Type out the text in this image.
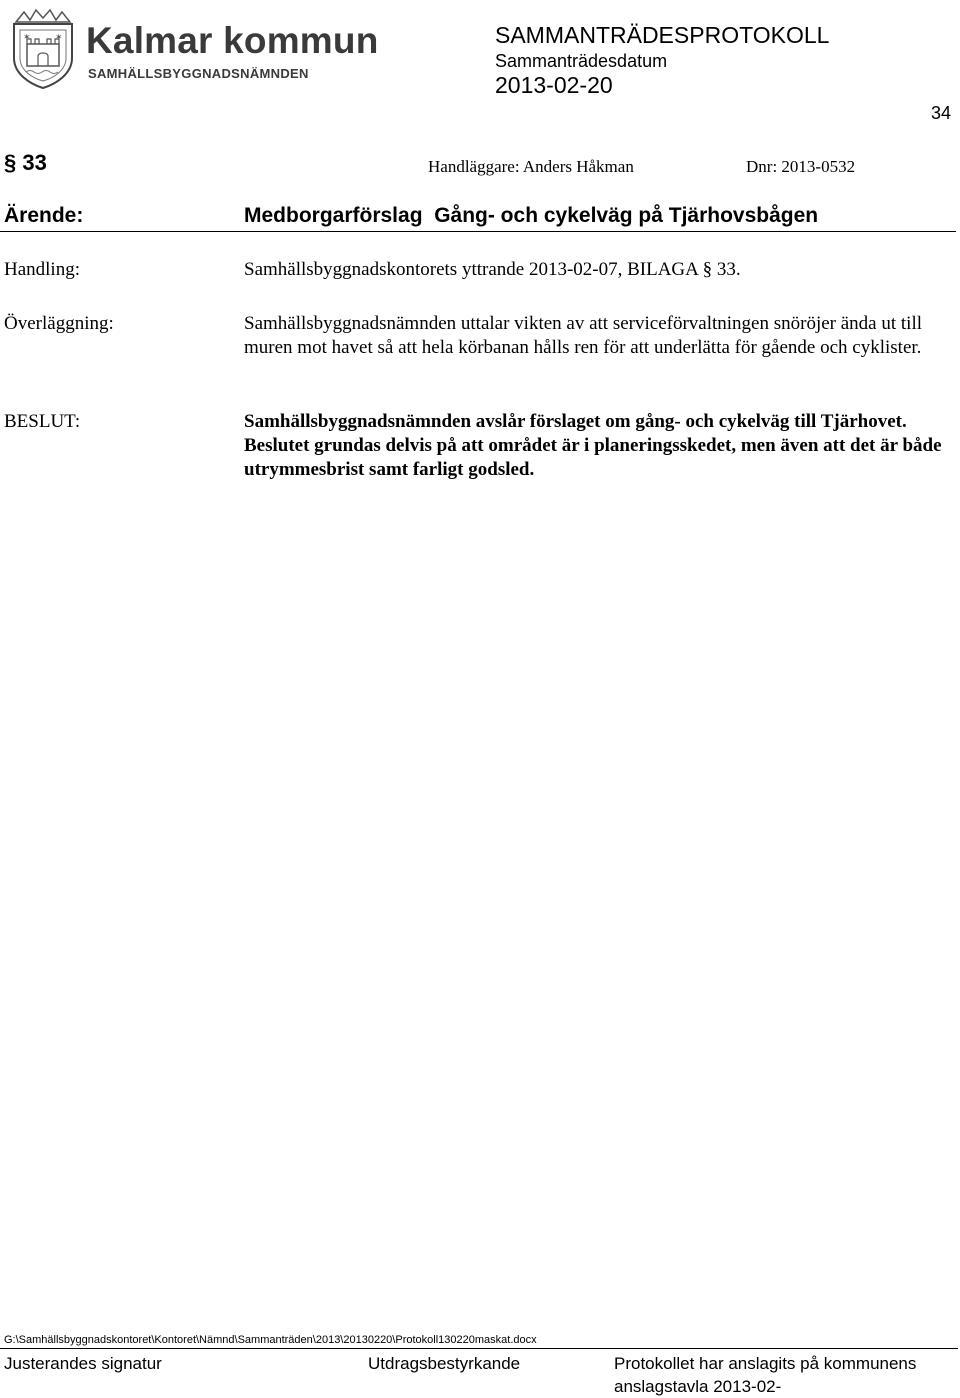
✶	✶ Kalmar kommun
SAMHÄLLSBYGGNADSNÄMNDEN
SAMMANTRÄDESPROTOKOLL
Sammanträdesdatum
2013-02-20
34
§ 33	Handläggare: Anders Håkman	Dnr: 2013-0532
Ärende:	Medborgarförslag  Gång- och cykelväg på Tjärhovsbågen
Handling:	Samhällsbyggnadskontorets yttrande 2013-02-07, BILAGA § 33.
Överläggning:	Samhällsbyggnadsnämnden uttalar vikten av att serviceförvaltningen snöröjer ända ut till muren mot havet så att hela körbanan hålls ren för att underlätta för gående och cyklister.
BESLUT:	Samhällsbyggnadsnämnden avslår förslaget om gång- och cykelväg till Tjärhovet. Beslutet grundas delvis på att området är i planeringsskedet, men även att det är både utrymmesbrist samt farligt godsled.
G:\Samhällsbyggnadskontoret\Kontoret\Nämnd\Sammanträden\2013\20130220\Protokoll130220maskat.docx
Justerandes signatur	Utdragsbestyrkande	Protokollet har anslagits på kommunens anslagstavla 2013-02-
